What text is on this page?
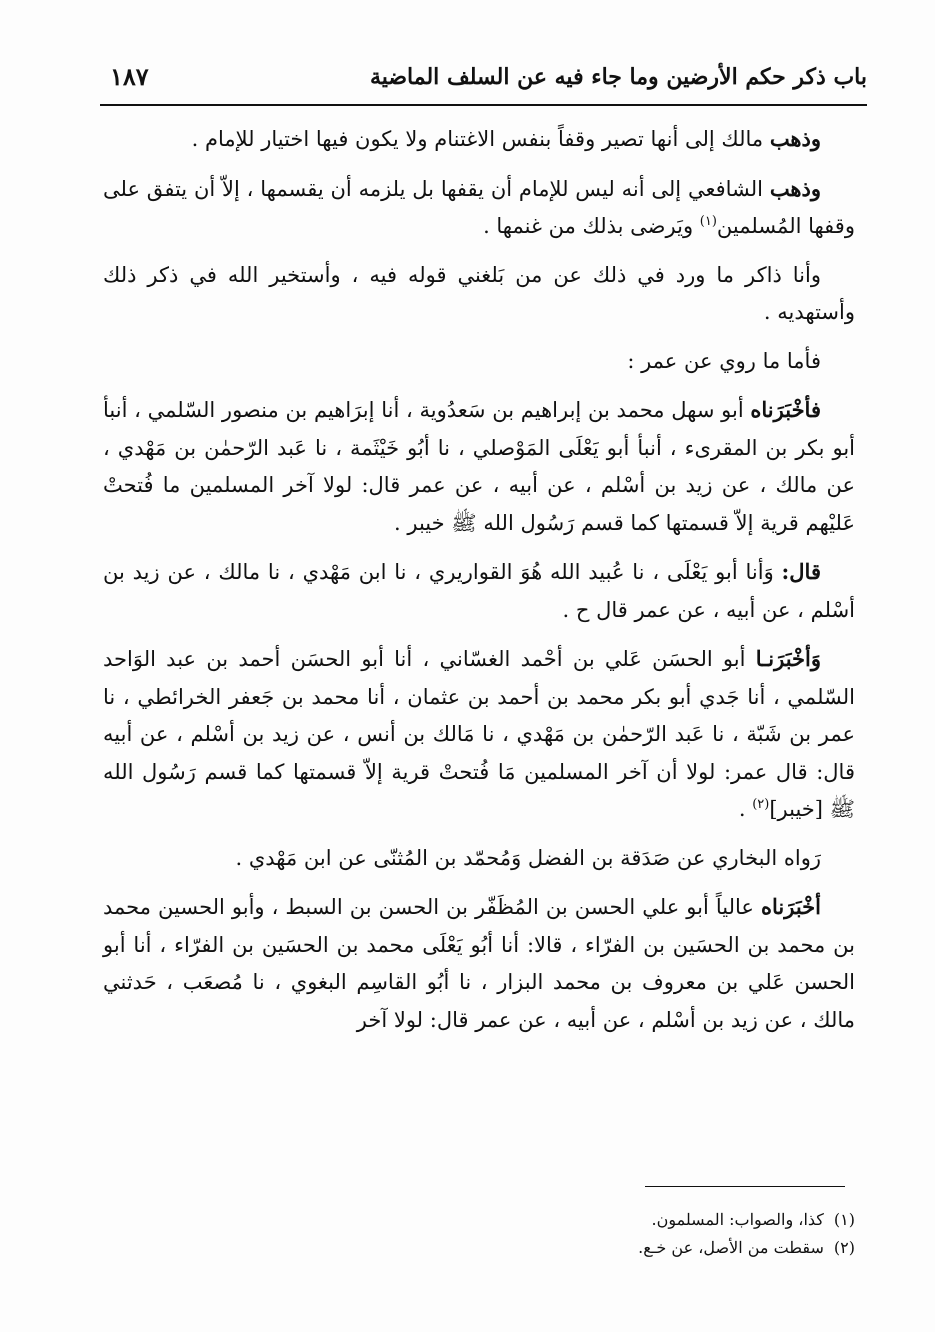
باب ذكر حكم الأرضين وما جاء فيه عن السلف الماضية
١٨٧

وذهب مالك إلى أنها تصير وقفاً بنفس الاغتنام ولا يكون فيها اختيار للإمام .

وذهب الشافعي إلى أنه ليس للإمام أن يقفها بل يلزمه أن يقسمها ، إلاّ أن يتفق على وقفها المُسلمين$^{(١)}$ ويَرضى بذلك من غنمها .

وأنا ذاكر ما ورد في ذلك عن من بَلغني قوله فيه ، وأستخير الله في ذكر ذلك وأستهديه .

فأما ما روي عن عمر :

فأخْبَرَناه أبو سهل محمد بن إبراهيم بن سَعدُوية ، أنا إبرَاهيم بن منصور السّلمي ، أنبأ أبو بكر بن المقرىء ، أنبأ أبو يَعْلَى المَوْصلي ، نا أبُو خَيْثَمة ، نا عَبد الرّحمٰن بن مَهْدي ، عن مالك ، عن زيد بن أسْلم ، عن أبيه ، عن عمر قال: لولا آخر المسلمين ما فُتحتْ عَليْهم قرية إلاّ قسمتها كما قسم رَسُول الله ﷺ خيبر .

قال: وَأنا أبو يَعْلَى ، نا عُبيد الله هُوَ القواريري ، نا ابن مَهْدي ، نا مالك ، عن زيد بن أسْلم ، عن أبيه ، عن عمر قال ح .

وَأخْبَرَنـا أبو الحسَن عَلي بن أحْمد الغسّاني ، أنا أبو الحسَن أحمد بن عبد الوَاحد السّلمي ، أنا جَدي أبو بكر محمد بن أحمد بن عثمان ، أنا محمد بن جَعفر الخرائطي ، نا عمر بن شَبّة ، نا عَبد الرّحمٰن بن مَهْدي ، نا مَالك بن أنس ، عن زيد بن أسْلم ، عن أبيه قال: قال عمر: لولا أن آخر المسلمين مَا فُتحتْ قرية إلاّ قسمتها كما قسم رَسُول الله ﷺ [خيبر]$^{(٢)}$ .

رَواه البخاري عن صَدَقة بن الفضل وَمُحمّد بن المُثنّى عن ابن مَهْدي .

أخْبَرَناه عالياً أبو علي الحسن بن المُظَفّر بن الحسن بن السبط ، وأبو الحسين محمد بن محمد بن الحسَين بن الفرّاء ، قالا: أنا أبُو يَعْلَى محمد بن الحسَين بن الفرّاء ، أنا أبو الحسن عَلي بن معروف بن محمد البزار ، نا أبُو القاسِم البغوي ، نا مُصعَب ، حَدثني مالك ، عن زيد بن أسْلم ، عن أبيه ، عن عمر قال: لولا آخر

(١)كذا، والصواب: المسلمون.

(٢)سقطت من الأصل، عن خـع.
